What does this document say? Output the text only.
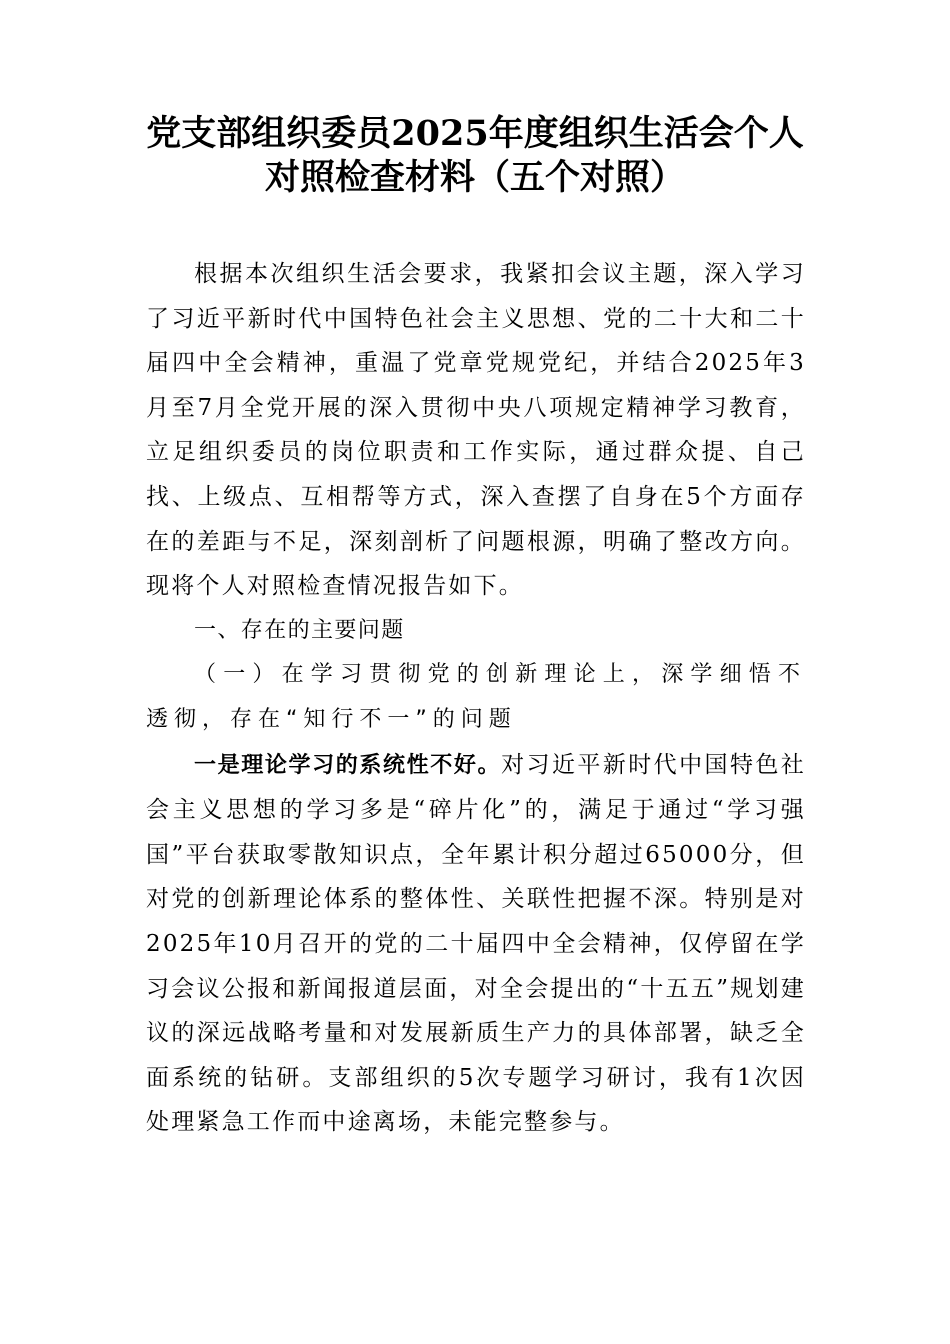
党支部组织委员2025年度组织生活会个人
对照检查材料（五个对照）

根据本次组织生活会要求，我紧扣会议主题，深入学习了习近平新时代中国特色社会主义思想、党的二十大和二十届四中全会精神，重温了党章党规党纪，并结合2025年3月至7月全党开展的深入贯彻中央八项规定精神学习教育，立足组织委员的岗位职责和工作实际，通过群众提、自己找、上级点、互相帮等方式，深入查摆了自身在5个方面存在的差距与不足，深刻剖析了问题根源，明确了整改方向。现将个人对照检查情况报告如下。

一、存在的主要问题

（一）在学习贯彻党的创新理论上，深学细悟不透彻，存在“知行不一”的问题

一是理论学习的系统性不好。对习近平新时代中国特色社会主义思想的学习多是“碎片化”的，满足于通过“学习强国”平台获取零散知识点，全年累计积分超过65000分，但对党的创新理论体系的整体性、关联性把握不深。特别是对2025年10月召开的党的二十届四中全会精神，仅停留在学习会议公报和新闻报道层面，对全会提出的“十五五”规划建议的深远战略考量和对发展新质生产力的具体部署，缺乏全面系统的钻研。支部组织的5次专题学习研讨，我有1次因处理紧急工作而中途离场，未能完整参与。
